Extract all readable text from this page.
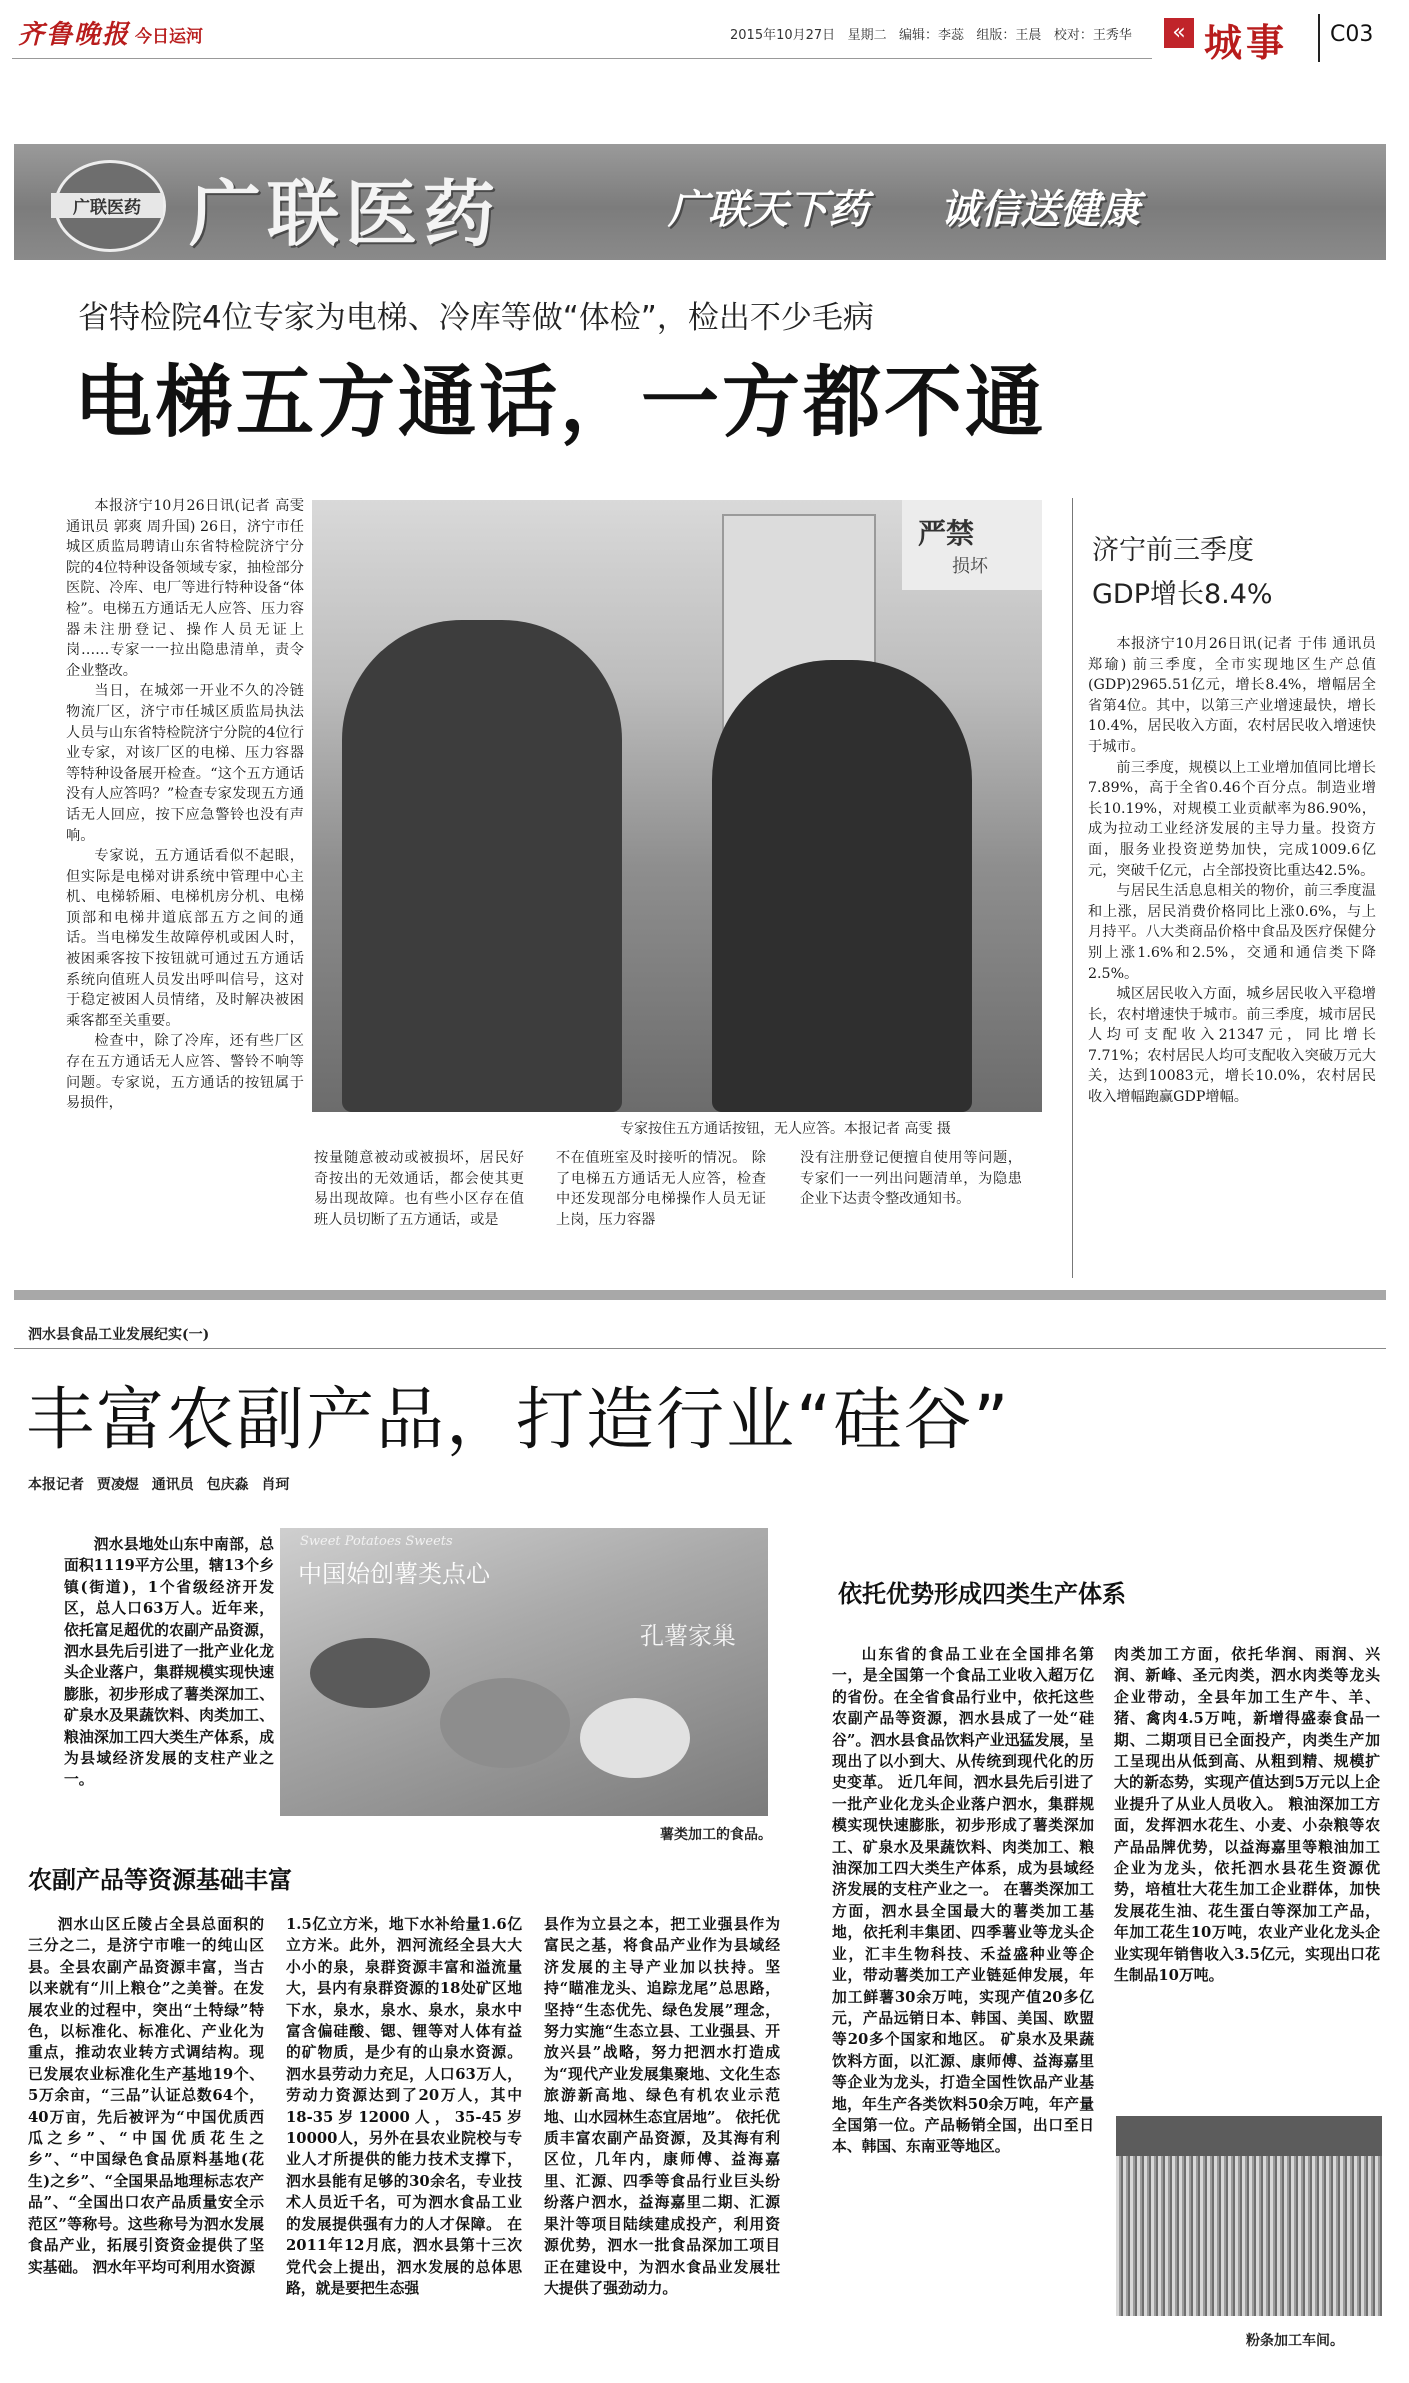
齐鲁晚报 今日运河	2015年10月27日 星期二 编辑：李蕊 组版：王晨 校对：王秀华	« 城事 C03
广联医药 广联医药	广联天下药 诚信送健康
省特检院4位专家为电梯、冷库等做“体检”，检出不少毛病
电梯五方通话，一方都不通

本报济宁10月26日讯(记者 高雯 通讯员 郭爽 周升国) 26日，济宁市任城区质监局聘请山东省特检院济宁分院的4位特种设备领域专家，抽检部分医院、冷库、电厂等进行特种设备“体检”。电梯五方通话无人应答、压力容器未注册登记、操作人员无证上岗……专家一一拉出隐患清单，责令企业整改。

当日，在城郊一开业不久的冷链物流厂区，济宁市任城区质监局执法人员与山东省特检院济宁分院的4位行业专家，对该厂区的电梯、压力容器等特种设备展开检查。“这个五方通话没有人应答吗？”检查专家发现五方通话无人回应，按下应急警铃也没有声响。

专家说，五方通话看似不起眼，但实际是电梯对讲系统中管理中心主机、电梯轿厢、电梯机房分机、电梯顶部和电梯井道底部五方之间的通话。当电梯发生故障停机或困人时，被困乘客按下按钮就可通过五方通话系统向值班人员发出呼叫信号，这对于稳定被困人员情绪，及时解决被困乘客都至关重要。

检查中，除了冷库，还有些厂区存在五方通话无人应答、警铃不响等问题。专家说，五方通话的按钮属于易损件，

严禁
损坏
专家按住五方通话按钮，无人应答。本报记者 高雯 摄

按量随意被动或被损坏，居民好奇按出的无效通话，都会使其更易出现故障。也有些小区存在值班人员切断了五方通话，或是

不在值班室及时接听的情况。 除了电梯五方通话无人应答，检查中还发现部分电梯操作人员无证上岗，压力容器

没有注册登记便擅自使用等问题，专家们一一列出问题清单，为隐患企业下达责令整改通知书。

济宁前三季度
GDP增长8.4%

本报济宁10月26日讯(记者 于伟 通讯员 郑瑜) 前三季度，全市实现地区生产总值(GDP)2965.51亿元，增长8.4%，增幅居全省第4位。其中，以第三产业增速最快，增长10.4%，居民收入方面，农村居民收入增速快于城市。

前三季度，规模以上工业增加值同比增长7.89%，高于全省0.46个百分点。制造业增长10.19%，对规模工业贡献率为86.90%，成为拉动工业经济发展的主导力量。投资方面，服务业投资逆势加快，完成1009.6亿元，突破千亿元，占全部投资比重达42.5%。

与居民生活息息相关的物价，前三季度温和上涨，居民消费价格同比上涨0.6%，与上月持平。八大类商品价格中食品及医疗保健分别上涨1.6%和2.5%，交通和通信类下降2.5%。

城区居民收入方面，城乡居民收入平稳增长，农村增速快于城市。前三季度，城市居民人均可支配收入21347元，同比增长7.71%；农村居民人均可支配收入突破万元大关，达到10083元，增长10.0%，农村居民收入增幅跑赢GDP增幅。

泗水县食品工业发展纪实(一)
丰富农副产品，打造行业“硅谷”
本报记者 贾凌煜 通讯员 包庆淼 肖珂

泗水县地处山东中南部，总面积1119平方公里，辖13个乡镇(街道)，1个省级经济开发区，总人口63万人。近年来，依托富足超优的农副产品资源，泗水县先后引进了一批产业化龙头企业落户，集群规模实现快速膨胀，初步形成了薯类深加工、矿泉水及果蔬饮料、肉类加工、粮油深加工四大类生产体系，成为县域经济发展的支柱产业之一。

Sweet Potatoes Sweets
中国始创薯类点心
孔薯家巢
薯类加工的食品。
农副产品等资源基础丰富

泗水山区丘陵占全县总面积的三分之二，是济宁市唯一的纯山区县。全县农副产品资源丰富，当古以来就有“川上粮仓”之美誉。在发展农业的过程中，突出“土特绿”特色，以标准化、标准化、产业化为重点，推动农业转方式调结构。现已发展农业标准化生产基地19个、5万余亩，“三品”认证总数64个，40万亩，先后被评为“中国优质西瓜之乡”、“中国优质花生之乡”、“中国绿色食品原料基地(花生)之乡”、“全国果品地理标志农产品”、“全国出口农产品质量安全示范区”等称号。这些称号为泗水发展食品产业，拓展引资资金提供了坚实基础。 泗水年平均可利用水资源

1.5亿立方米，地下水补给量1.6亿立方米。此外，泗河流经全县大大小小的泉，泉群资源丰富和溢流量大，县内有泉群资源的18处矿区地下水，泉水，泉水、泉水，泉水中富含偏硅酸、锶、锂等对人体有益的矿物质，是少有的山泉水资源。泗水县劳动力充足，人口63万人，劳动力资源达到了20万人，其中18-35岁12000人，35-45岁10000人，另外在县农业院校与专业人才所提供的能力技术支撑下，泗水县能有足够的30余名，专业技术人员近千名，可为泗水食品工业的发展提供强有力的人才保障。 在2011年12月底，泗水县第十三次党代会上提出，泗水发展的总体思路，就是要把生态强

县作为立县之本，把工业强县作为富民之基，将食品产业作为县域经济发展的主导产业加以扶持。坚持“瞄准龙头、追踪龙尾”总思路，坚持“生态优先、绿色发展”理念，努力实施“生态立县、工业强县、开放兴县”战略，努力把泗水打造成为“现代产业发展集聚地、文化生态旅游新高地、绿色有机农业示范地、山水园林生态宜居地”。 依托优质丰富农副产品资源，及其海有利区位，几年内，康师傅、益海嘉里、汇源、四季等食品行业巨头纷纷落户泗水，益海嘉里二期、汇源果汁等项目陆续建成投产，利用资源优势，泗水一批食品深加工项目正在建设中，为泗水食品业发展壮大提供了强劲动力。

依托优势形成四类生产体系

山东省的食品工业在全国排名第一，是全国第一个食品工业收入超万亿的省份。在全省食品行业中，依托这些农副产品等资源，泗水县成了一处“硅谷”。泗水县食品饮料产业迅猛发展，呈现出了以小到大、从传统到现代化的历史变革。 近几年间，泗水县先后引进了一批产业化龙头企业落户泗水，集群规模实现快速膨胀，初步形成了薯类深加工、矿泉水及果蔬饮料、肉类加工、粮油深加工四大类生产体系，成为县域经济发展的支柱产业之一。 在薯类深加工方面，泗水县全国最大的薯类加工基地，依托利丰集团、四季薯业等龙头企业，汇丰生物科技、禾益盛种业等企业，带动薯类加工产业链延伸发展，年加工鲜薯30余万吨，实现产值20多亿元，产品远销日本、韩国、美国、欧盟等20多个国家和地区。 矿泉水及果蔬饮料方面，以汇源、康师傅、益海嘉里等企业为龙头，打造全国性饮品产业基地，年生产各类饮料50余万吨，年产量全国第一位。产品畅销全国，出口至日本、韩国、东南亚等地区。

肉类加工方面，依托华润、雨润、兴润、新峰、圣元肉类，泗水肉类等龙头企业带动，全县年加工生产牛、羊、猪、禽肉4.5万吨，新增得盛泰食品一期、二期项目已全面投产，肉类生产加工呈现出从低到高、从粗到精、规模扩大的新态势，实现产值达到5万元以上企业提升了从业人员收入。 粮油深加工方面，发挥泗水花生、小麦、小杂粮等农产品品牌优势，以益海嘉里等粮油加工企业为龙头，依托泗水县花生资源优势，培植壮大花生加工企业群体，加快发展花生油、花生蛋白等深加工产品，年加工花生10万吨，农业产业化龙头企业实现年销售收入3.5亿元，实现出口花生制品10万吨。

粉条加工车间。
